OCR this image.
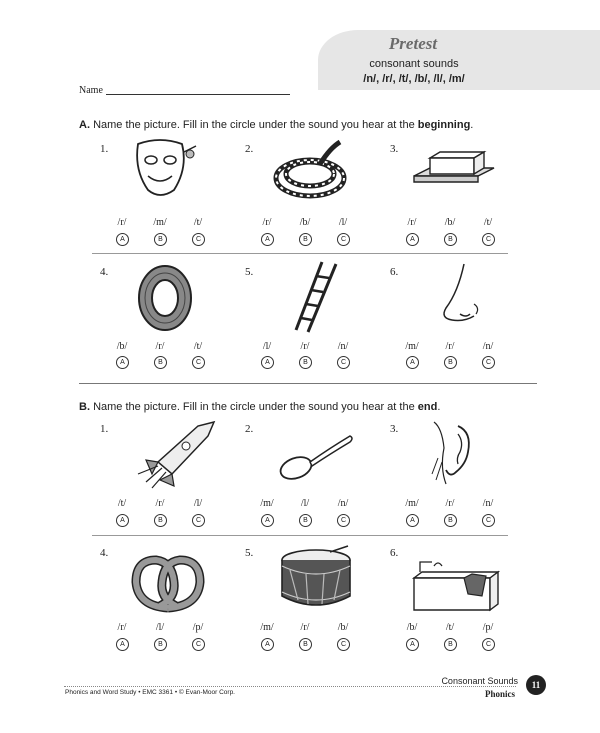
Pretest
consonant sounds
/n/, /r/, /t/, /b/, /l/, /m/
Name
A. Name the picture. Fill in the circle under the sound you hear at the beginning.
B. Name the picture. Fill in the circle under the sound you hear at the end.
1.
/r/
A
/m/
B
/t/
C
2.
/r/
A
/b/
B
/l/
C
3.
/r/
A
/b/
B
/t/
C
4.
/b/
A
/r/
B
/t/
C
5.
/l/
A
/r/
B
/n/
C
6.
/m/
A
/r/
B
/n/
C
1.
/t/
A
/r/
B
/l/
C
2.
/m/
A
/l/
B
/n/
C
3.
/m/
A
/r/
B
/n/
C
4.
/r/
A
/l/
B
/p/
C
5.
/m/
A
/r/
B
/b/
C
6.
/b/
A
/t/
B
/p/
C
Consonant Sounds
Phonics and Word Study • EMC 3361 • © Evan-Moor Corp.	Phonics
11
